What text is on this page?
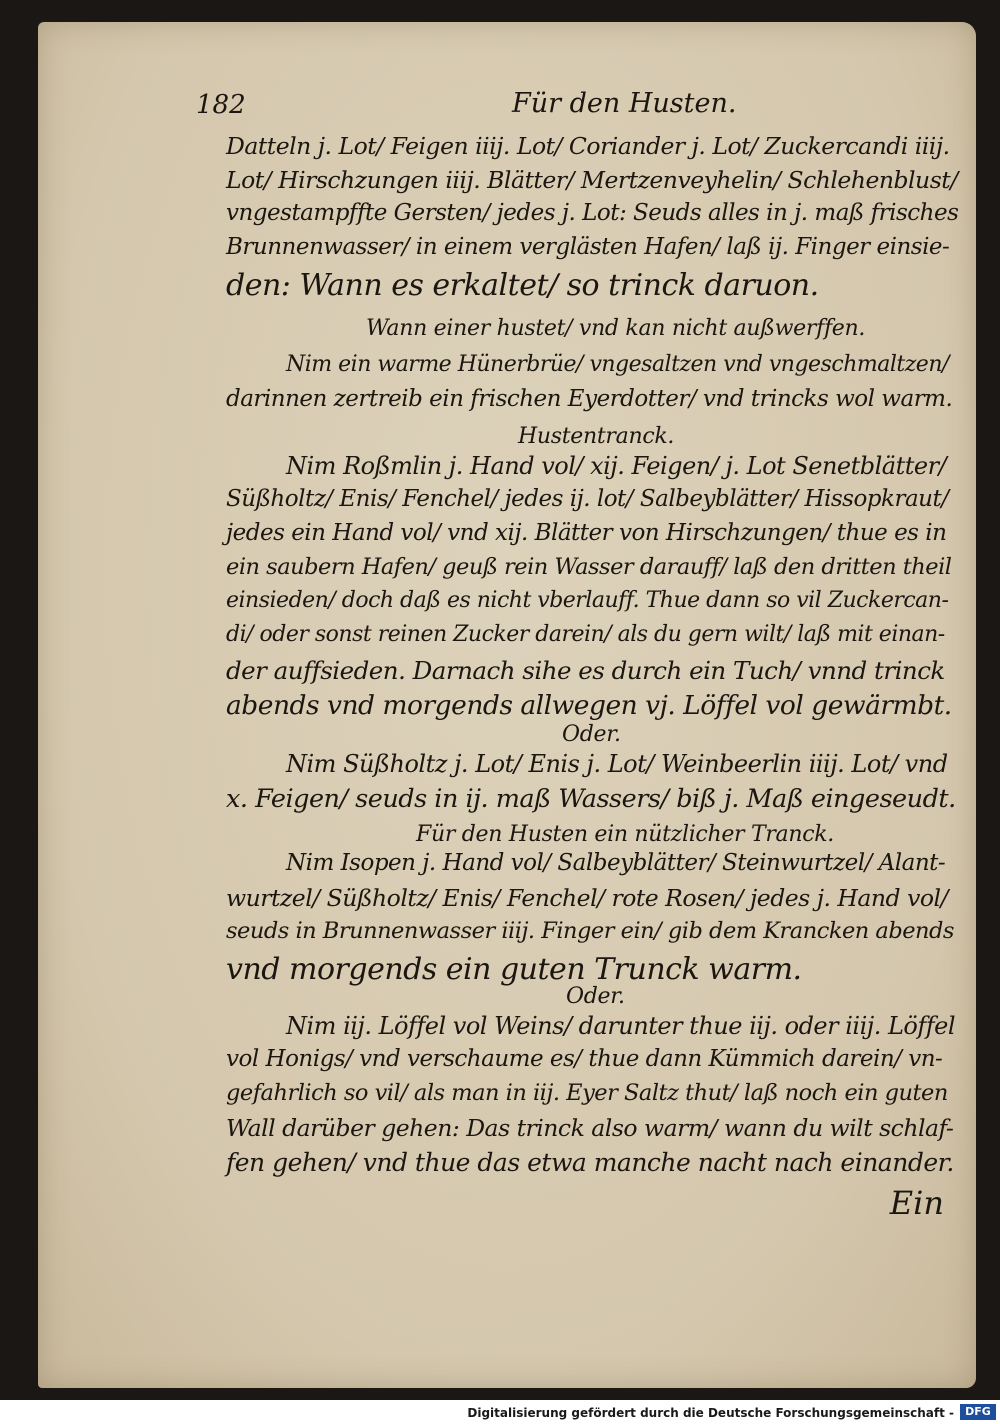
182	Für den Husten.
Datteln j. Lot/ Feigen iiij. Lot/ Coriander j. Lot/ Zuckercandi iiij.
Lot/ Hirschzungen iiij. Blätter/ Mertzenveyhelin/ Schlehenblust/
vngestampffte Gersten/ jedes j. Lot: Seuds alles in j. maß frisches
Brunnenwasser/ in einem verglästen Hafen/ laß ij. Finger einsie-
den: Wann es erkaltet/ so trinck daruon.
Wann einer hustet/ vnd kan nicht außwerffen.
Nim ein warme Hünerbrüe/ vngesaltzen vnd vngeschmaltzen/
darinnen zertreib ein frischen Eyerdotter/ vnd trincks wol warm.
Hustentranck.
Nim Roßmlin j. Hand vol/ xij. Feigen/ j. Lot Senetblätter/
Süßholtz/ Enis/ Fenchel/ jedes ij. lot/ Salbeyblätter/ Hissopkraut/
jedes ein Hand vol/ vnd xij. Blätter von Hirschzungen/ thue es in
ein saubern Hafen/ geuß rein Wasser darauff/ laß den dritten theil
einsieden/ doch daß es nicht vberlauff. Thue dann so vil Zuckercan-
di/ oder sonst reinen Zucker darein/ als du gern wilt/ laß mit einan-
der auffsieden. Darnach sihe es durch ein Tuch/ vnnd trinck
abends vnd morgends allwegen vj. Löffel vol gewärmbt.
Oder.
Nim Süßholtz j. Lot/ Enis j. Lot/ Weinbeerlin iiij. Lot/ vnd
x. Feigen/ seuds in ij. maß Wassers/ biß j. Maß eingeseudt.
Für den Husten ein nützlicher Tranck.
Nim Isopen j. Hand vol/ Salbeyblätter/ Steinwurtzel/ Alant-
wurtzel/ Süßholtz/ Enis/ Fenchel/ rote Rosen/ jedes j. Hand vol/
seuds in Brunnenwasser iiij. Finger ein/ gib dem Krancken abends
vnd morgends ein guten Trunck warm.
Oder.
Nim iij. Löffel vol Weins/ darunter thue iij. oder iiij. Löffel
vol Honigs/ vnd verschaume es/ thue dann Kümmich darein/ vn-
gefahrlich so vil/ als man in iij. Eyer Saltz thut/ laß noch ein guten
Wall darüber gehen: Das trinck also warm/ wann du wilt schlaf-
fen gehen/ vnd thue das etwa manche nacht nach einander.
Ein
Digitalisierung gefördert durch die Deutsche Forschungsgemeinschaft -	DFG
